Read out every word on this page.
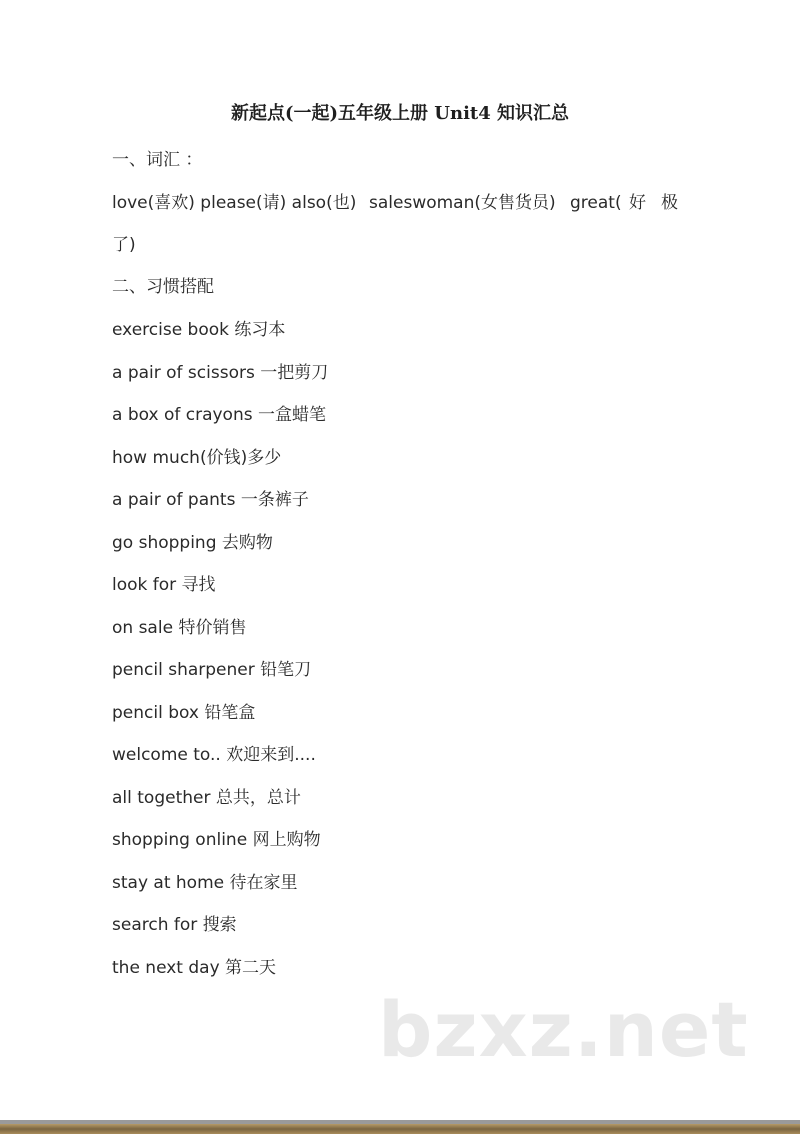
新起点(一起)五年级上册 Unit4 知识汇总
一、词汇 ：
love(喜欢) please(请) also(也) saleswoman(女售货员) great( 好 极
了)
二、习惯搭配
exercise book 练习本
a pair of scissors 一把剪刀
a box of crayons 一盒蜡笔
how much(价钱)多少
a pair of pants 一条裤子
go shopping 去购物
look for 寻找
on sale 特价销售
pencil sharpener 铅笔刀
pencil box 铅笔盒
welcome to.. 欢迎来到....
all together 总共，总计
shopping online 网上购物
stay at home 待在家里
search for 搜索
the next day 第二天
bzxz.net
